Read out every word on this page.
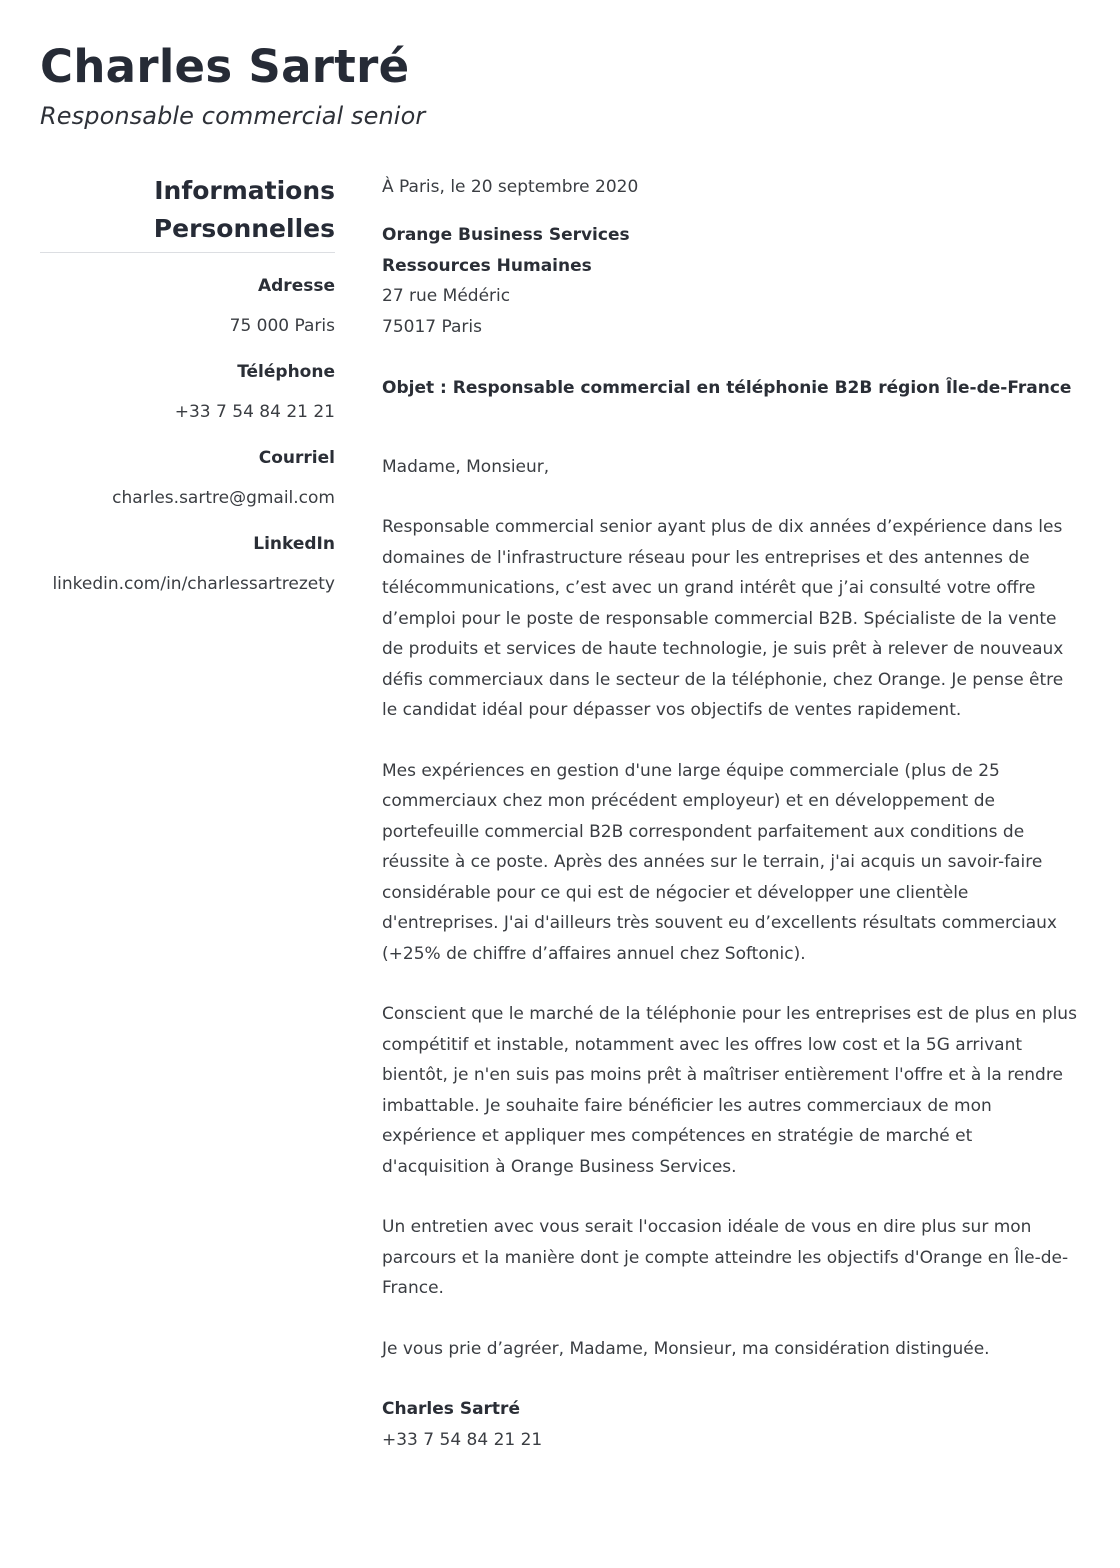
Charles Sartré
Responsable commercial senior
Informations
Personnelles
Adresse
75 000 Paris
Téléphone
+33 7 54 84 21 21
Courriel
charles.sartre@gmail.com
LinkedIn
linkedin.com/in/charlessartrezety

À Paris, le 20 septembre 2020

Orange Business Services
Ressources Humaines
27 rue Médéric
75017 Paris

Objet : Responsable commercial en téléphonie B2B région Île-de-France

Madame, Monsieur,

Responsable commercial senior ayant plus de dix années d’expérience dans les domaines de l'infrastructure réseau pour les entreprises et des antennes de télécommunications, c’est avec un grand intérêt que j’ai consulté votre offre d’emploi pour le poste de responsable commercial B2B. Spécialiste de la vente de produits et services de haute technologie, je suis prêt à relever de nouveaux défis commerciaux dans le secteur de la téléphonie, chez Orange. Je pense être le candidat idéal pour dépasser vos objectifs de ventes rapidement.

Mes expériences en gestion d'une large équipe commerciale (plus de 25 commerciaux chez mon précédent employeur) et en développement de portefeuille commercial B2B correspondent parfaitement aux conditions de réussite à ce poste. Après des années sur le terrain, j'ai acquis un savoir-faire considérable pour ce qui est de négocier et développer une clientèle d'entreprises. J'ai d'ailleurs très souvent eu d’excellents résultats commerciaux (+25% de chiffre d’affaires annuel chez Softonic).

Conscient que le marché de la téléphonie pour les entreprises est de plus en plus compétitif et instable, notamment avec les offres low cost et la 5G arrivant bientôt, je n'en suis pas moins prêt à maîtriser entièrement l'offre et à la rendre imbattable. Je souhaite faire bénéficier les autres commerciaux de mon expérience et appliquer mes compétences en stratégie de marché et d'acquisition à Orange Business Services.

Un entretien avec vous serait l'occasion idéale de vous en dire plus sur mon parcours et la manière dont je compte atteindre les objectifs d'Orange en Île-de-France.

Je vous prie d’agréer, Madame, Monsieur, ma considération distinguée.

Charles Sartré
+33 7 54 84 21 21
